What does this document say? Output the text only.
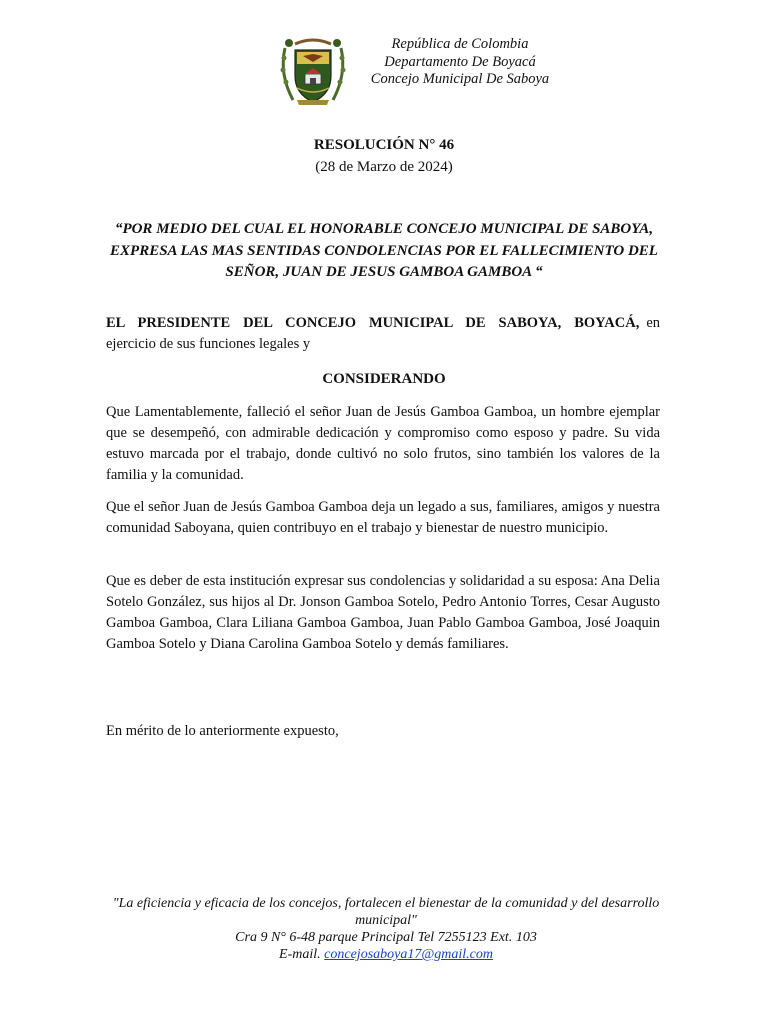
República de Colombia
Departamento De Boyacá
Concejo Municipal De Saboya
RESOLUCIÓN N° 46
(28 de Marzo de 2024)
“POR MEDIO DEL CUAL EL HONORABLE CONCEJO MUNICIPAL DE SABOYA, EXPRESA LAS MAS SENTIDAS CONDOLENCIAS POR EL FALLECIMIENTO DEL SEÑOR, JUAN DE JESUS GAMBOA GAMBOA “
EL PRESIDENTE DEL CONCEJO MUNICIPAL DE SABOYA, BOYACÁ, en ejercicio de sus funciones legales y
CONSIDERANDO
Que Lamentablemente, falleció el señor Juan de Jesús Gamboa Gamboa, un hombre ejemplar que se desempeñó, con admirable dedicación y compromiso como esposo y padre. Su vida estuvo marcada por el trabajo, donde cultivó no solo frutos, sino también los valores de la familia y la comunidad.
Que el señor Juan de Jesús Gamboa Gamboa deja un legado a sus, familiares, amigos y nuestra comunidad Saboyana, quien contribuyo en el trabajo y bienestar de nuestro municipio.
Que es deber de esta institución expresar sus condolencias y solidaridad a su esposa: Ana Delia Sotelo González, sus hijos al Dr. Jonson Gamboa Sotelo, Pedro Antonio Torres, Cesar Augusto Gamboa Gamboa, Clara Liliana Gamboa Gamboa, Juan Pablo Gamboa Gamboa, José Joaquin Gamboa Sotelo y Diana Carolina Gamboa Sotelo y demás familiares.
En mérito de lo anteriormente expuesto,
"La eficiencia y eficacia de los concejos, fortalecen el bienestar de la comunidad y del desarrollo municipal"
Cra 9 N° 6-48 parque Principal Tel 7255123 Ext. 103
E-mail. concejosaboya17@gmail.com
